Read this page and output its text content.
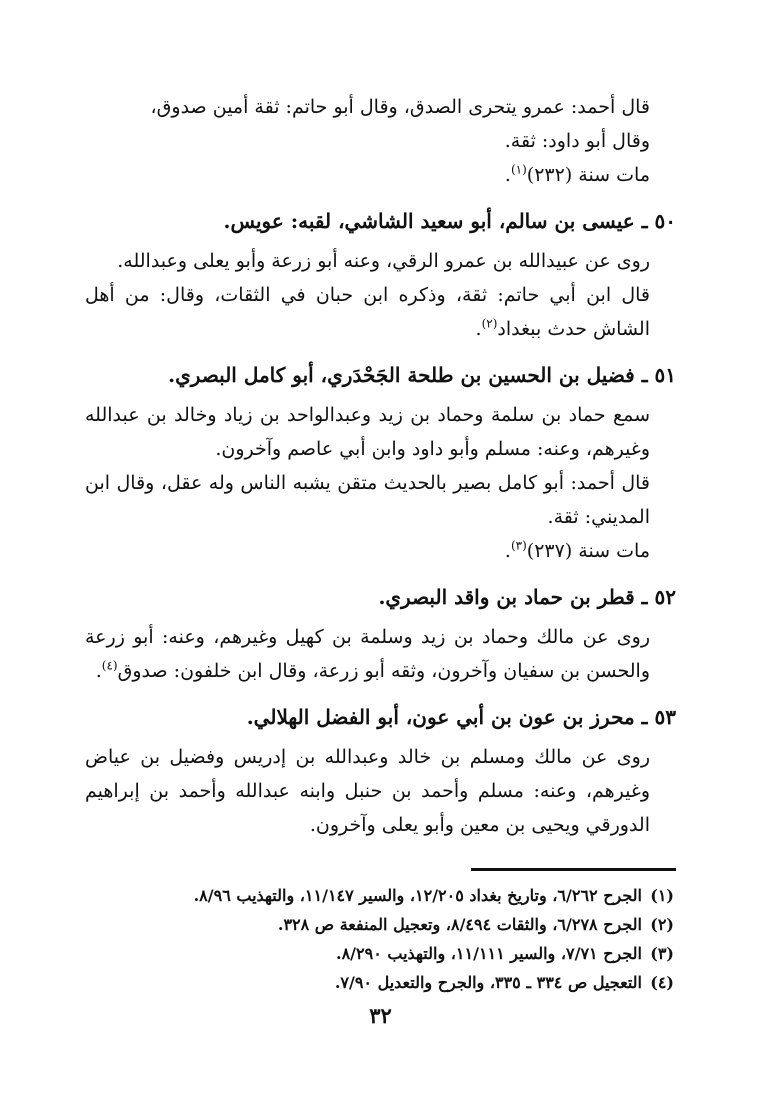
قال أحمد: عمرو يتحرى الصدق، وقال أبو حاتم: ثقة أمين صدوق،
وقال أبو داود: ثقة.
مات سنة (٢٣٢)$^{(١)}$.
٥٠ ـ عيسى بن سالم، أبو سعيد الشاشي، لقبه: عويس.
روى عن عبيدالله بن عمرو الرقي، وعنه أبو زرعة وأبو يعلى وعبدالله.
قال ابن أبي حاتم: ثقة، وذكره ابن حبان في الثقات، وقال: من أهل الشاش حدث ببغداد$^{(٢)}$.
٥١ ـ فضيل بن الحسين بن طلحة الجَحْدَري، أبو كامل البصري.
سمع حماد بن سلمة وحماد بن زيد وعبدالواحد بن زياد وخالد بن عبدالله وغيرهم، وعنه: مسلم وأبو داود وابن أبي عاصم وآخرون.
قال أحمد: أبو كامل بصير بالحديث متقن يشبه الناس وله عقل، وقال ابن المديني: ثقة.
مات سنة (٢٣٧)$^{(٣)}$.
٥٢ ـ قطر بن حماد بن واقد البصري.
روى عن مالك وحماد بن زيد وسلمة بن كهيل وغيرهم، وعنه: أبو زرعة والحسن بن سفيان وآخرون، وثقه أبو زرعة، وقال ابن خلفون: صدوق$^{(٤)}$.
٥٣ ـ محرز بن عون بن أبي عون، أبو الفضل الهلالي.
روى عن مالك ومسلم بن خالد وعبدالله بن إدريس وفضيل بن عياض وغيرهم، وعنه: مسلم وأحمد بن حنبل وابنه عبدالله وأحمد بن إبراهيم الدورقي ويحيى بن معين وأبو يعلى وآخرون.
(١)الجرح ٦/٢٦٢، وتاريخ بغداد ١٢/٢٠٥، والسير ١١/١٤٧، والتهذيب ٨/٩٦.
(٢)الجرح ٦/٢٧٨، والثقات ٨/٤٩٤، وتعجيل المنفعة ص ٣٢٨.
(٣)الجرح ٧/٧١، والسير ١١/١١١، والتهذيب ٨/٢٩٠.
(٤)التعجيل ص ٣٣٤ ـ ٣٣٥، والجرح والتعديل ٧/٩٠.
٣٢
